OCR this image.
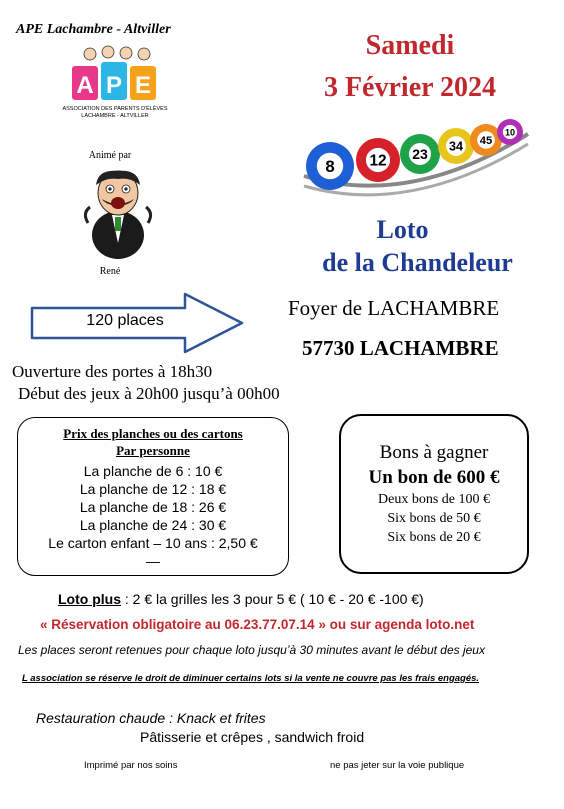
APE Lachambre - Altviller
A P E
ASSOCIATION DES PARENTS D'ÉLÈVES
LACHAMBRE - ALTVILLER
Animé par
René
Samedi
3 Février 2024
8 12 23 34 45
10
Loto
de la Chandeleur
120 places
Foyer de LACHAMBRE
57730 LACHAMBRE
Ouverture des portes à 18h30
Début des jeux à 20h00 jusqu’à 00h00
Prix des planches ou des cartons
Par personne
La planche de 6 : 10 €
La planche de 12 : 18 €
La planche de 18 : 26 €
La planche de 24 : 30 €
Le carton enfant – 10 ans : 2,50 €
—
Bons à gagner
Un bon de 600 €
Deux bons de 100 €
Six bons de 50 €
Six bons de 20 €
Loto plus : 2 € la grilles les 3 pour 5 € ( 10 € - 20 € -100 €)
« Réservation obligatoire au 06.23.77.07.14 » ou sur agenda loto.net
Les places seront retenues pour chaque loto jusqu’à 30 minutes avant le début des jeux
L association se réserve le droit de diminuer certains lots si la vente ne couvre pas les frais engagés.
Restauration chaude : Knack et frites
Pâtisserie et crêpes , sandwich froid
Imprimé par nos soins	ne pas jeter sur la voie publique
